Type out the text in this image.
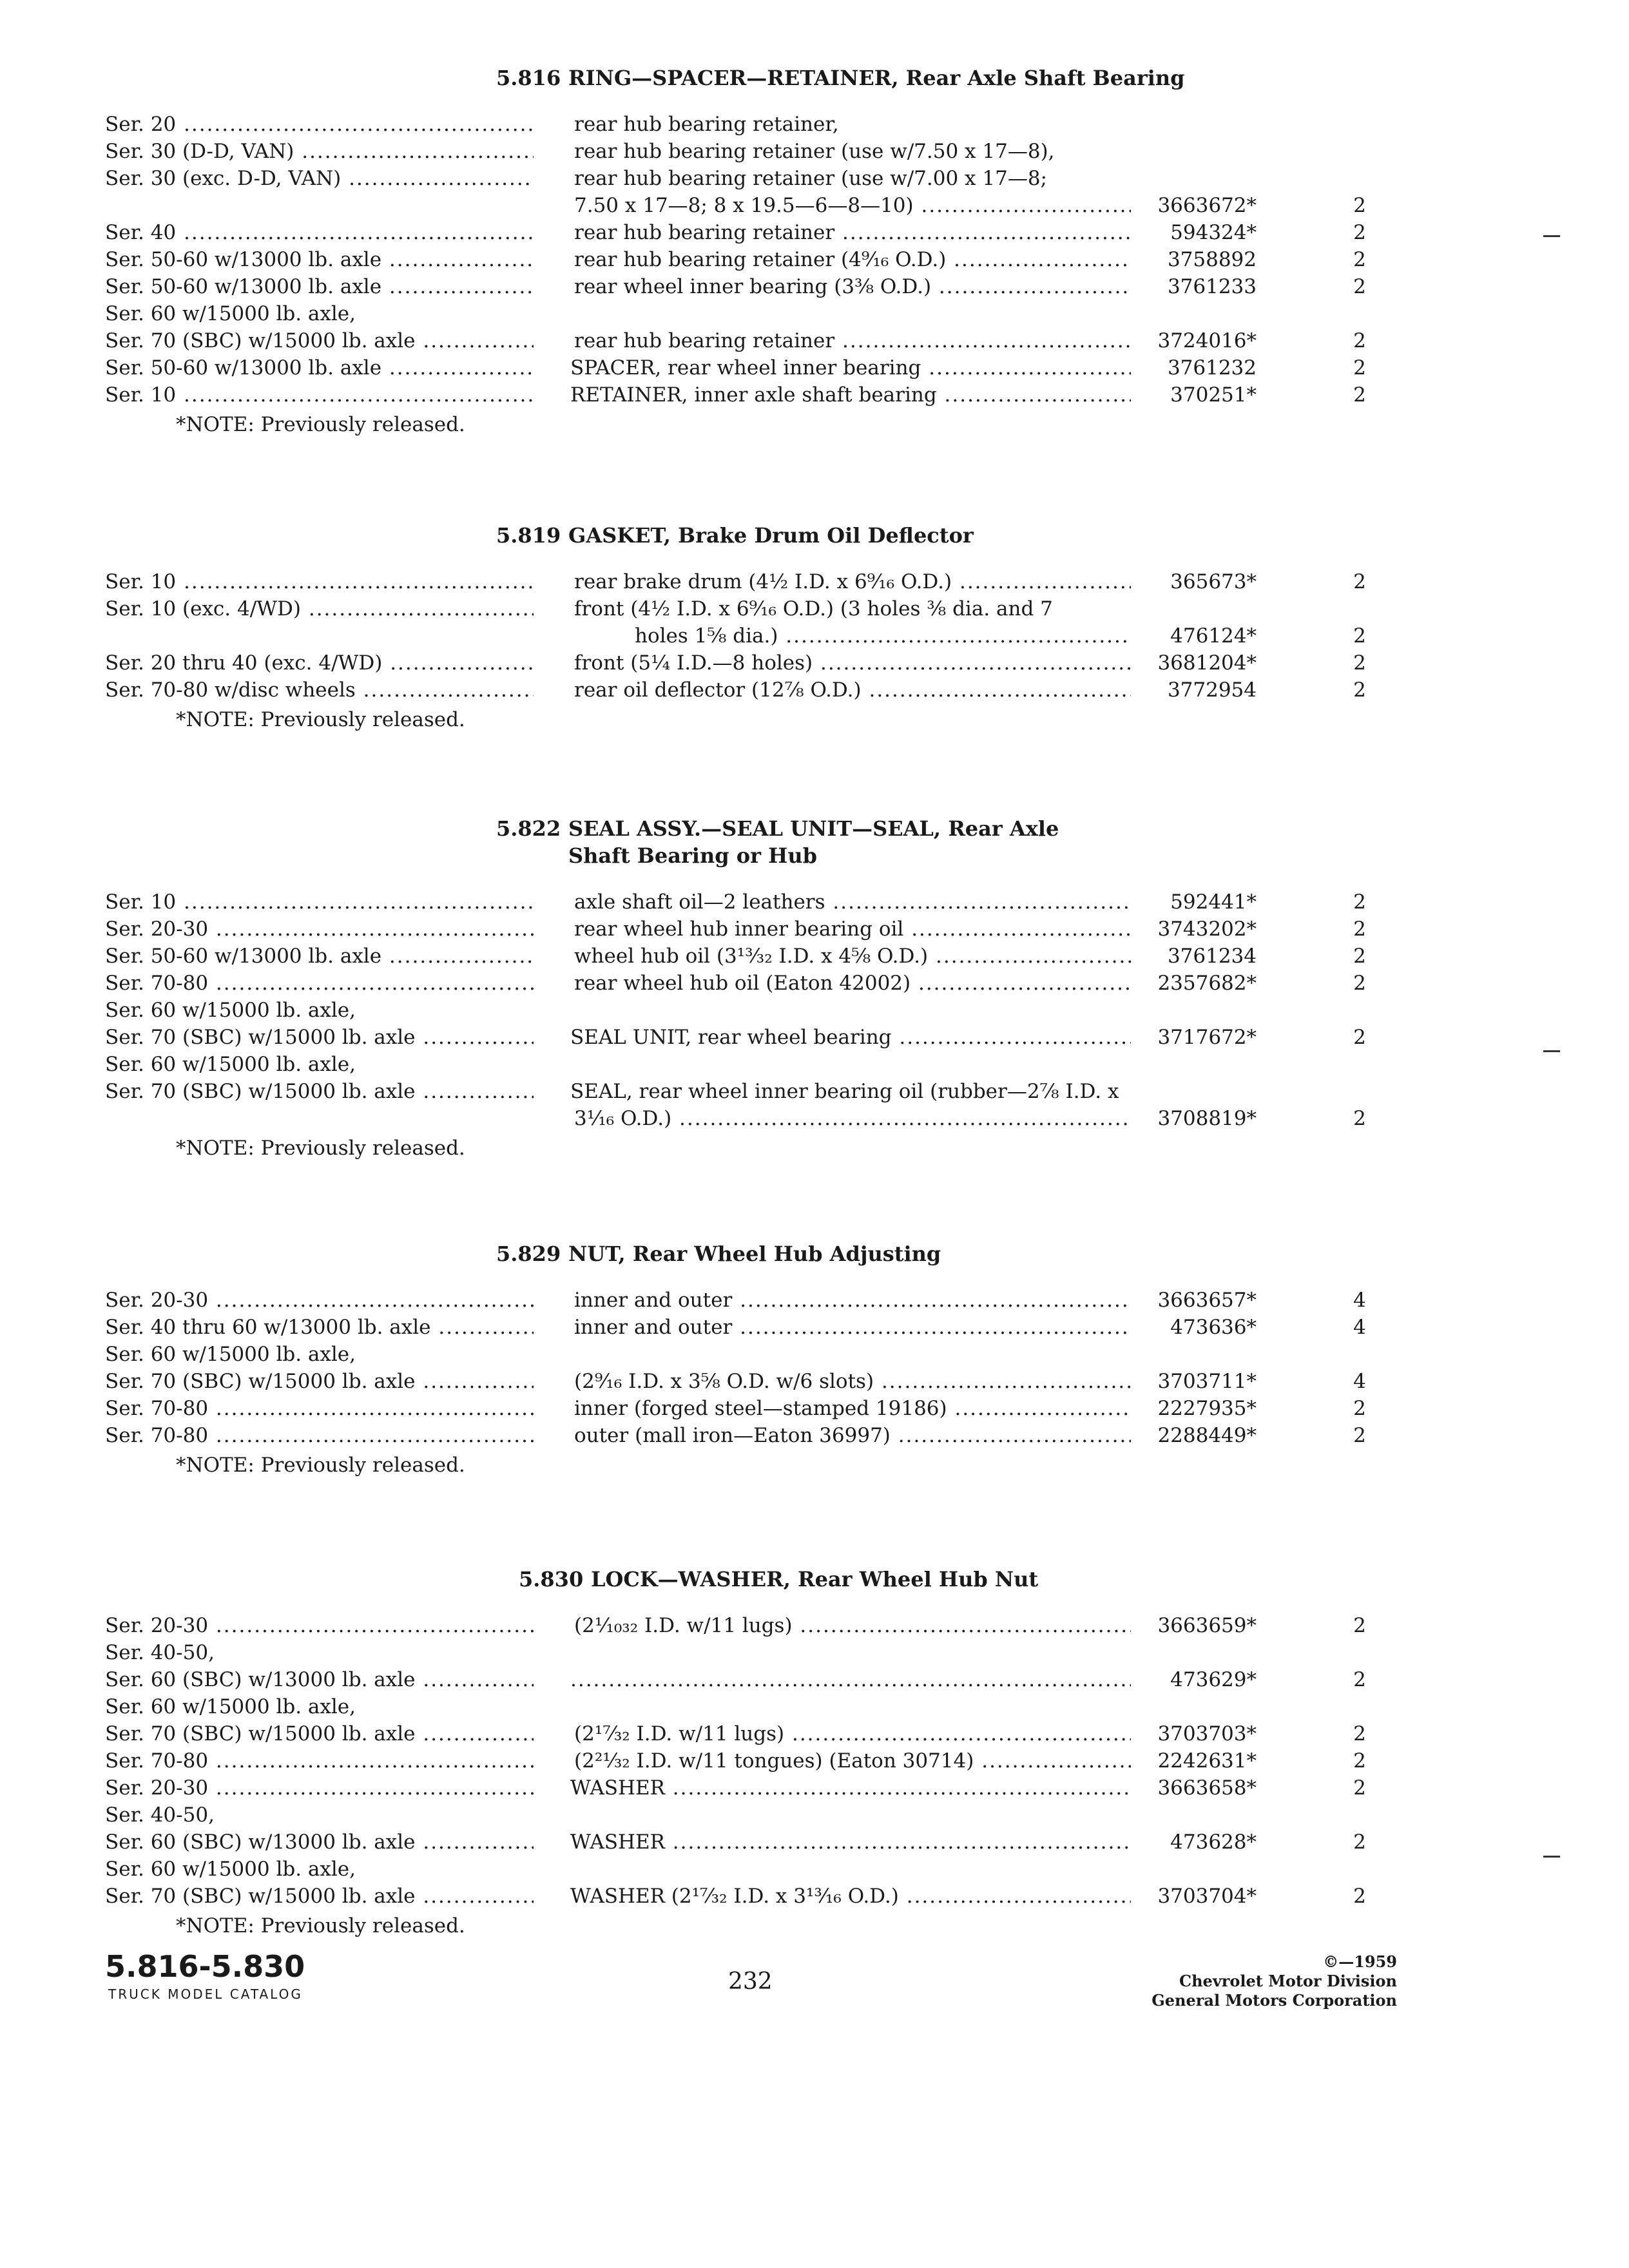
5.816 RING—SPACER—RETAINER, Rear Axle Shaft Bearing
Ser. 20 .....	rear hub bearing retainer,
Ser. 30 (D-D, VAN) .....	rear hub bearing retainer (use w/7.50 x 17—8),
Ser. 30 (exc. D-D, VAN) .....	rear hub bearing retainer (use w/7.00 x 17—8;
7.50 x 17—8; 8 x 19.5—6—8—10) .....	3663672*	2
Ser. 40 .....	rear hub bearing retainer .....	594324*	2
Ser. 50-60 w/13000 lb. axle .....	rear hub bearing retainer (4⁹⁄₁₆ O.D.) .....	3758892	2
Ser. 50-60 w/13000 lb. axle .....	rear wheel inner bearing (3³⁄₈ O.D.) .....	3761233	2
Ser. 60 w/15000 lb. axle,
Ser. 70 (SBC) w/15000 lb. axle .....	rear hub bearing retainer .....	3724016*	2
Ser. 50-60 w/13000 lb. axle .....	SPACER, rear wheel inner bearing .....	3761232	2
Ser. 10 .....	RETAINER, inner axle shaft bearing .....	370251*	2
*NOTE: Previously released.
5.819 GASKET, Brake Drum Oil Deflector
Ser. 10 .....	rear brake drum (4½ I.D. x 6⁹⁄₁₆ O.D.) .....	365673*	2
Ser. 10 (exc. 4/WD) .....	front (4½ I.D. x 6⁹⁄₁₆ O.D.) (3 holes ³⁄₈ dia. and 7
holes 1⁵⁄₈ dia.) .....	476124*	2
Ser. 20 thru 40 (exc. 4/WD) .....	front (5¼ I.D.—8 holes) .....	3681204*	2
Ser. 70-80 w/disc wheels .....	rear oil deflector (12⁷⁄₈ O.D.) .....	3772954	2
*NOTE: Previously released.
5.822 SEAL ASSY.—SEAL UNIT—SEAL, Rear Axle
Shaft Bearing or Hub
Ser. 10 .....	axle shaft oil—2 leathers .....	592441*	2
Ser. 20-30 .....	rear wheel hub inner bearing oil .....	3743202*	2
Ser. 50-60 w/13000 lb. axle .....	wheel hub oil (3¹³⁄₃₂ I.D. x 4⁵⁄₈ O.D.) .....	3761234	2
Ser. 70-80 .....	rear wheel hub oil (Eaton 42002) .....	2357682*	2
Ser. 60 w/15000 lb. axle,
Ser. 70 (SBC) w/15000 lb. axle .....	SEAL UNIT, rear wheel bearing .....	3717672*	2
Ser. 60 w/15000 lb. axle,
Ser. 70 (SBC) w/15000 lb. axle .....	SEAL, rear wheel inner bearing oil (rubber—2⅞ I.D. x
3¹⁄₁₆ O.D.) .....	3708819*	2
*NOTE: Previously released.
5.829 NUT, Rear Wheel Hub Adjusting
Ser. 20-30 .....	inner and outer .....	3663657*	4
Ser. 40 thru 60 w/13000 lb. axle .....	inner and outer .....	473636*	4
Ser. 60 w/15000 lb. axle,
Ser. 70 (SBC) w/15000 lb. axle .....	(2⁹⁄₁₆ I.D. x 3⁵⁄₈ O.D. w/6 slots) .....	3703711*	4
Ser. 70-80 .....	inner (forged steel—stamped 19186) .....	2227935*	2
Ser. 70-80 .....	outer (mall iron—Eaton 36997) .....	2288449*	2
*NOTE: Previously released.
5.830 LOCK—WASHER, Rear Wheel Hub Nut
Ser. 20-30 .....	(2⅒₃₂ I.D. w/11 lugs) .....	3663659*	2
Ser. 40-50,
Ser. 60 (SBC) w/13000 lb. axle .....
.....	473629*	2
Ser. 60 w/15000 lb. axle,
Ser. 70 (SBC) w/15000 lb. axle .....	(2¹⁷⁄₃₂ I.D. w/11 lugs) .....	3703703*	2
Ser. 70-80 .....	(2²¹⁄₃₂ I.D. w/11 tongues) (Eaton 30714) .....	2242631*	2
Ser. 20-30 .....	WASHER .....	3663658*	2
Ser. 40-50,
Ser. 60 (SBC) w/13000 lb. axle .....	WASHER .....	473628*	2
Ser. 60 w/15000 lb. axle,
Ser. 70 (SBC) w/15000 lb. axle .....	WASHER (2¹⁷⁄₃₂ I.D. x 3¹³⁄₁₆ O.D.) .....	3703704*	2
*NOTE: Previously released.
5.816-5.830
TRUCK MODEL CATALOG	232
©—1959
Chevrolet Motor Division
General Motors Corporation
